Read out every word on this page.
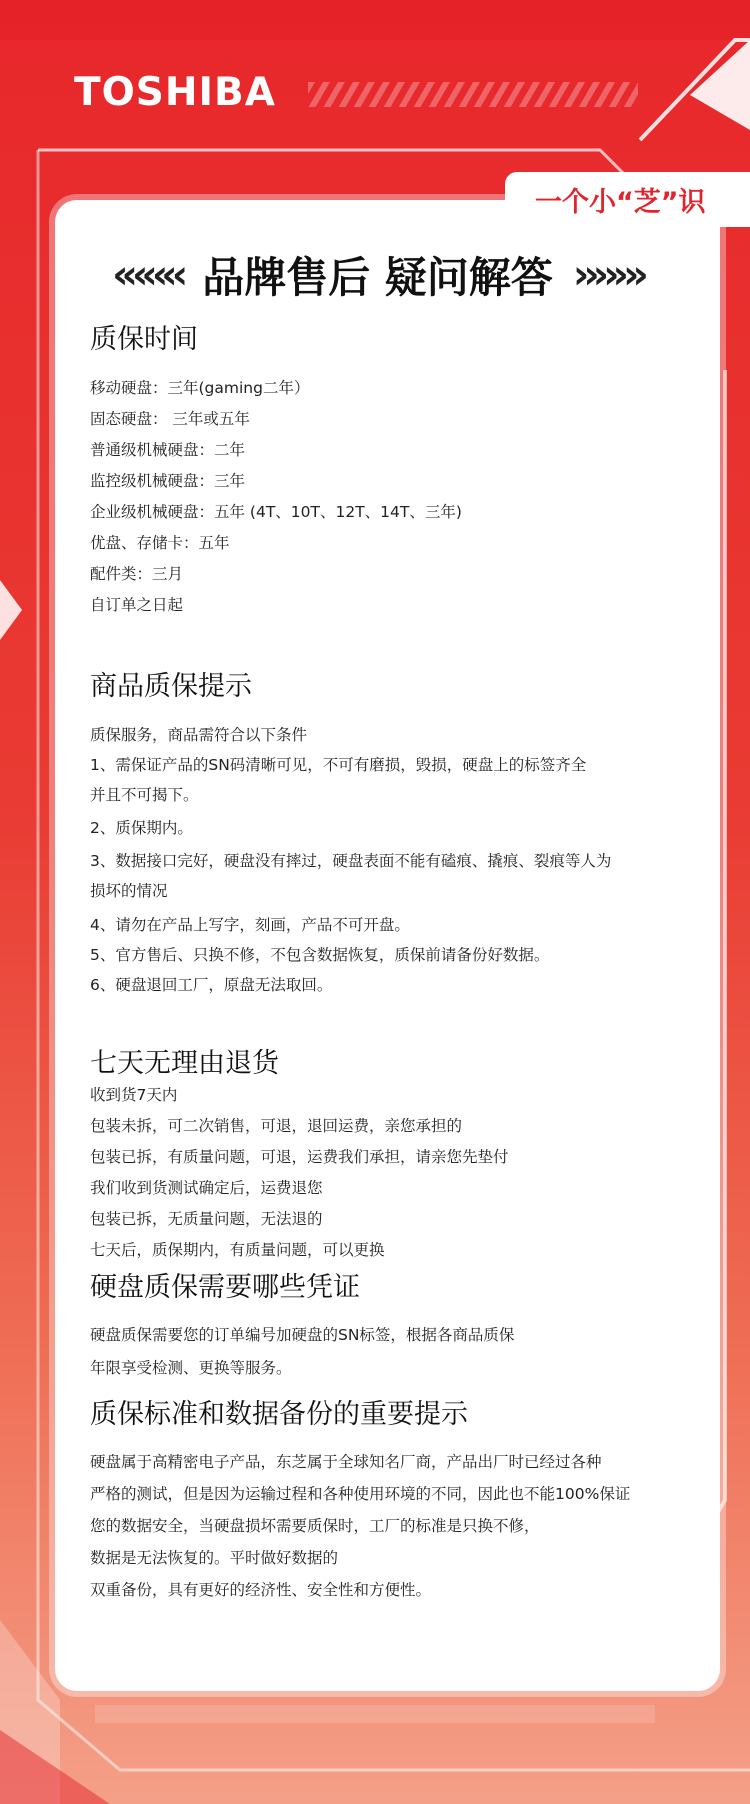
TOSHIBA
一个小“芝”识
«««‹ 品牌售后 疑问解答 ›»»»

质保时间

移动硬盘：三年(gaming二年）

固态硬盘： 三年或五年

普通级机械硬盘：二年

监控级机械硬盘：三年

企业级机械硬盘：五年 (4T、10T、12T、14T、三年)

优盘、存储卡：五年

配件类：三月

自订单之日起

商品质保提示

质保服务，商品需符合以下条件

1、需保证产品的SN码清晰可见，不可有磨损，毁损，硬盘上的标签齐全

并且不可揭下。

2、质保期内。

3、数据接口完好，硬盘没有摔过，硬盘表面不能有磕痕、撬痕、裂痕等人为

损坏的情况

4、请勿在产品上写字，刻画，产品不可开盘。

5、官方售后、只换不修，不包含数据恢复，质保前请备份好数据。

6、硬盘退回工厂，原盘无法取回。

七天无理由退货

收到货7天内

包装未拆，可二次销售，可退，退回运费，亲您承担的

包装已拆，有质量问题，可退，运费我们承担，请亲您先垫付

我们收到货测试确定后，运费退您

包装已拆，无质量问题，无法退的

七天后，质保期内，有质量问题，可以更换

硬盘质保需要哪些凭证

硬盘质保需要您的订单编号加硬盘的SN标签，根据各商品质保

年限享受检测、更换等服务。

质保标准和数据备份的重要提示

硬盘属于高精密电子产品，东芝属于全球知名厂商，产品出厂时已经过各种

严格的测试，但是因为运输过程和各种使用环境的不同，因此也不能100%保证

您的数据安全，当硬盘损坏需要质保时，工厂的标准是只换不修，

数据是无法恢复的。平时做好数据的

双重备份，具有更好的经济性、安全性和方便性。
